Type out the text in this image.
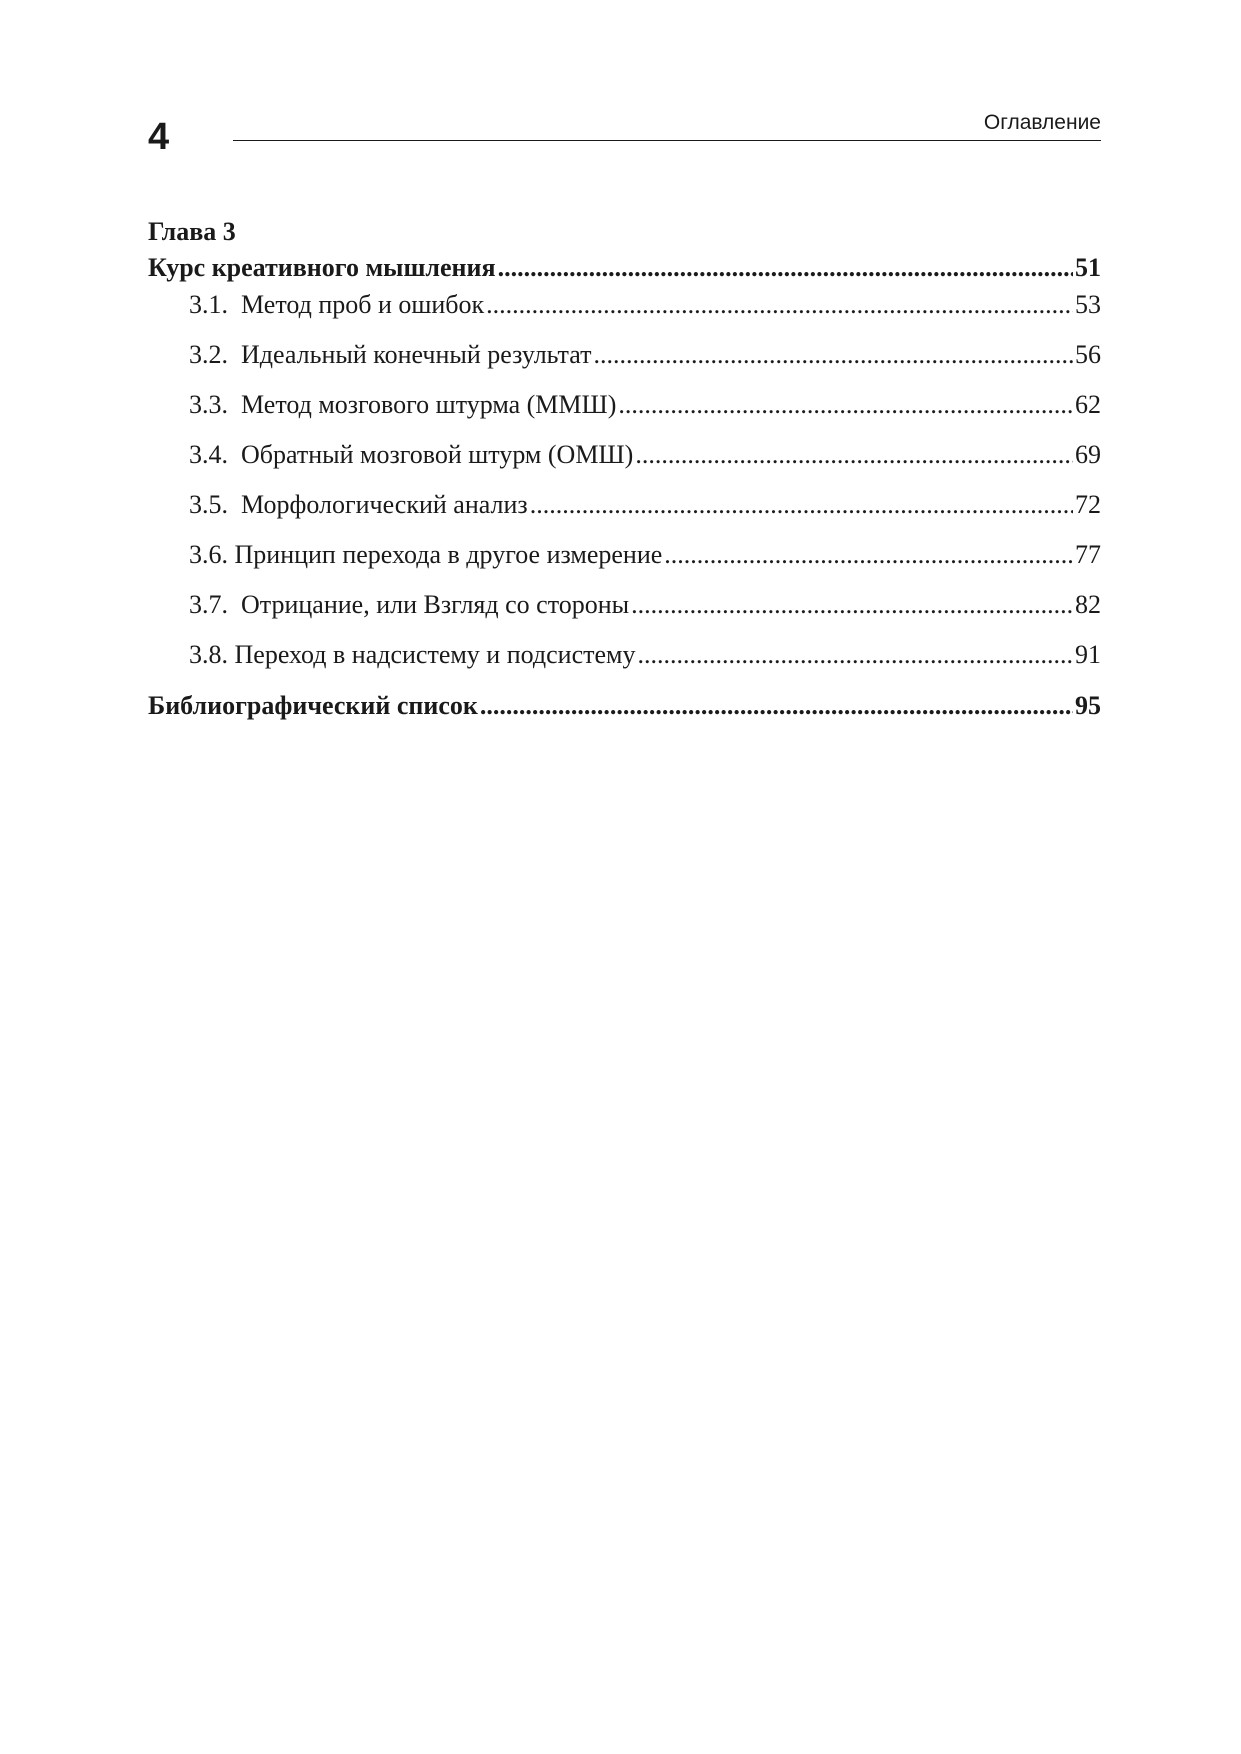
4	Оглавление
Глава 3
Курс креативного мышления .....	51
3.1.  Метод проб и ошибок .....	53
3.2.  Идеальный конечный результат .....	56
3.3.  Метод мозгового штурма (ММШ) .....	62
3.4.  Обратный мозговой штурм (ОМШ) .....	69
3.5.  Морфологический анализ .....	72
3.6. Принцип перехода в другое измерение .....	77
3.7.  Отрицание, или Взгляд со стороны .....	82
3.8. Переход в надсистему и подсистему .....	91
Библиографический список .....	95
